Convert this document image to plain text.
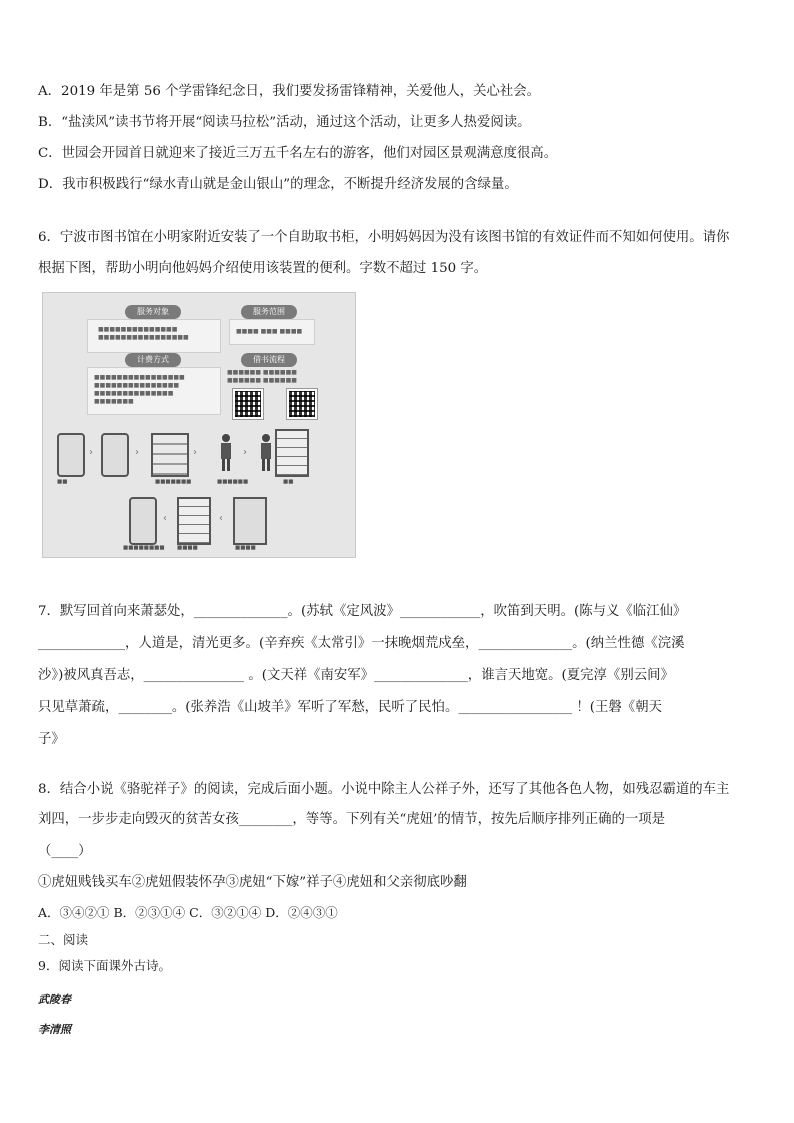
A．2019 年是第 56 个学雷锋纪念日，我们要发扬雷锋精神，关爱他人，关心社会。
B．“盐渎风”读书节将开展“阅读马拉松”活动，通过这个活动，让更多人热爱阅读。
C．世园会开园首日就迎来了接近三万五千名左右的游客，他们对园区景观满意度很高。
D．我市积极践行“绿水青山就是金山银山”的理念，不断提升经济发展的含绿量。
6．宁波市图书馆在小明家附近安装了一个自助取书柜，小明妈妈因为没有该图书馆的有效证件而不知如何使用。请你
根据下图，帮助小明向他妈妈介绍使用该装置的便利。字数不超过 150 字。
服务对象
■■■■■■■■■■■■■■
■■■■■■■■■■■■■■■■
服务范围
■■■■ ■■■ ■■■■
计费方式
■■■■■■■■■■■■■■■■
■■■■■■■■■■■■■■■
■■■■■■■■■■■■■■
■■■■■■■
借书流程
■■■■■■ ■■■■■■
■■■■■■ ■■■■■■
›	›	›	›
■■	■■■■■■■	■■■■■■	■■
‹	‹
■■■■■■■■ ■■■■	■■■■
7．默写回首向来萧瑟处，______________。(苏轼《定风波》____________，吹笛到天明。(陈与义《临江仙》
_____________，人道是，清光更多。(辛弃疾《太常引》一抹晚烟荒戍垒，______________。(纳兰性德《浣溪
沙》)被风真吾志，_______________ 。(文天祥《南安军》______________，谁言天地宽。(夏完淳《别云间》
只见草萧疏，________。(张养浩《山坡羊》军听了军愁，民听了民怕。_________________ ！(王磐《朝天
子》
8．结合小说《骆驼祥子》的阅读，完成后面小题。小说中除主人公祥子外，还写了其他各色人物，如残忍霸道的车主
刘四，一步步走向毁灭的贫苦女孩________，等等。下列有关“虎妞’的情节，按先后顺序排列正确的一项是
（____）
①虎妞贱钱买车②虎妞假装怀孕③虎妞“下嫁”祥子④虎妞和父亲彻底吵翻
A．③④②① B．②③①④ C．③②①④ D．②④③①
二、阅读
9．阅读下面课外古诗。
武陵春
李清照
